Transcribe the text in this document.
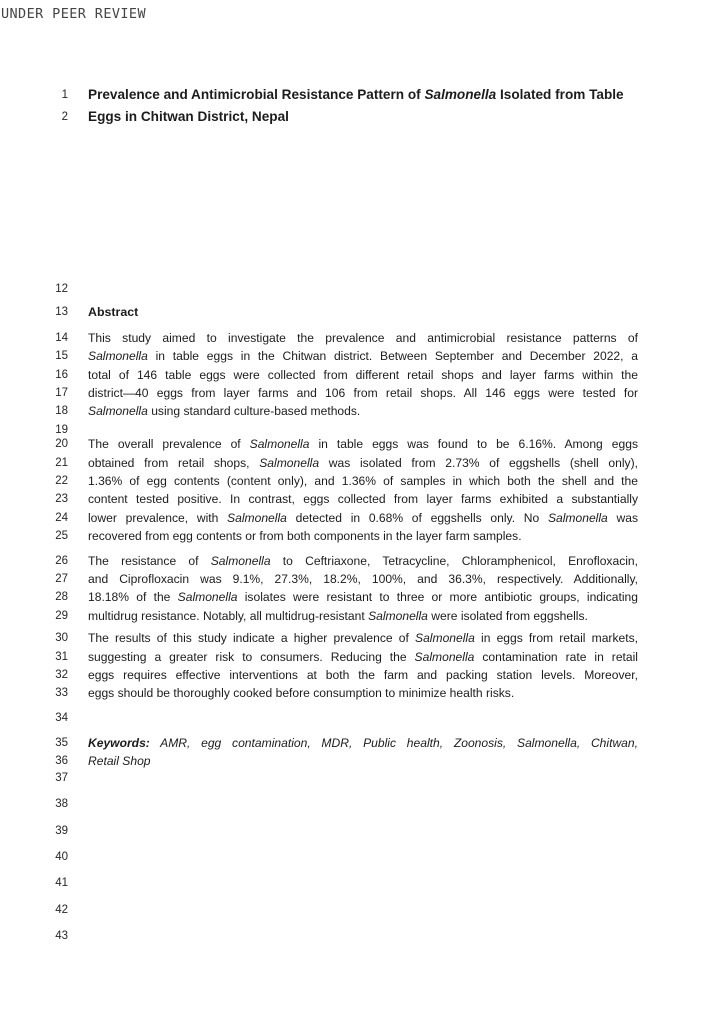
UNDER PEER REVIEW
1 Prevalence and Antimicrobial Resistance Pattern of Salmonella Isolated from Table
2 Eggs in Chitwan District, Nepal
12
13 Abstract
14 This study aimed to investigate the prevalence and antimicrobial resistance patterns of
15 Salmonella in table eggs in the Chitwan district. Between September and December 2022, a
16 total of 146 table eggs were collected from different retail shops and layer farms within the
17 district—40 eggs from layer farms and 106 from retail shops. All 146 eggs were tested for
18 Salmonella using standard culture-based methods.
19
20 The overall prevalence of Salmonella in table eggs was found to be 6.16%. Among eggs
21 obtained from retail shops, Salmonella was isolated from 2.73% of eggshells (shell only),
22 1.36% of egg contents (content only), and 1.36% of samples in which both the shell and the
23 content tested positive. In contrast, eggs collected from layer farms exhibited a substantially
24 lower prevalence, with Salmonella detected in 0.68% of eggshells only. No Salmonella was
25 recovered from egg contents or from both components in the layer farm samples.
26 The resistance of Salmonella to Ceftriaxone, Tetracycline, Chloramphenicol, Enrofloxacin,
27 and Ciprofloxacin was 9.1%, 27.3%, 18.2%, 100%, and 36.3%, respectively. Additionally,
28 18.18% of the Salmonella isolates were resistant to three or more antibiotic groups, indicating
29 multidrug resistance. Notably, all multidrug-resistant Salmonella were isolated from eggshells.
30 The results of this study indicate a higher prevalence of Salmonella in eggs from retail markets,
31 suggesting a greater risk to consumers. Reducing the Salmonella contamination rate in retail
32 eggs requires effective interventions at both the farm and packing station levels. Moreover,
33 eggs should be thoroughly cooked before consumption to minimize health risks.
34
35 Keywords: AMR, egg contamination, MDR, Public health, Zoonosis, Salmonella, Chitwan,
36 Retail Shop
37
38
39
40
41
42
43
